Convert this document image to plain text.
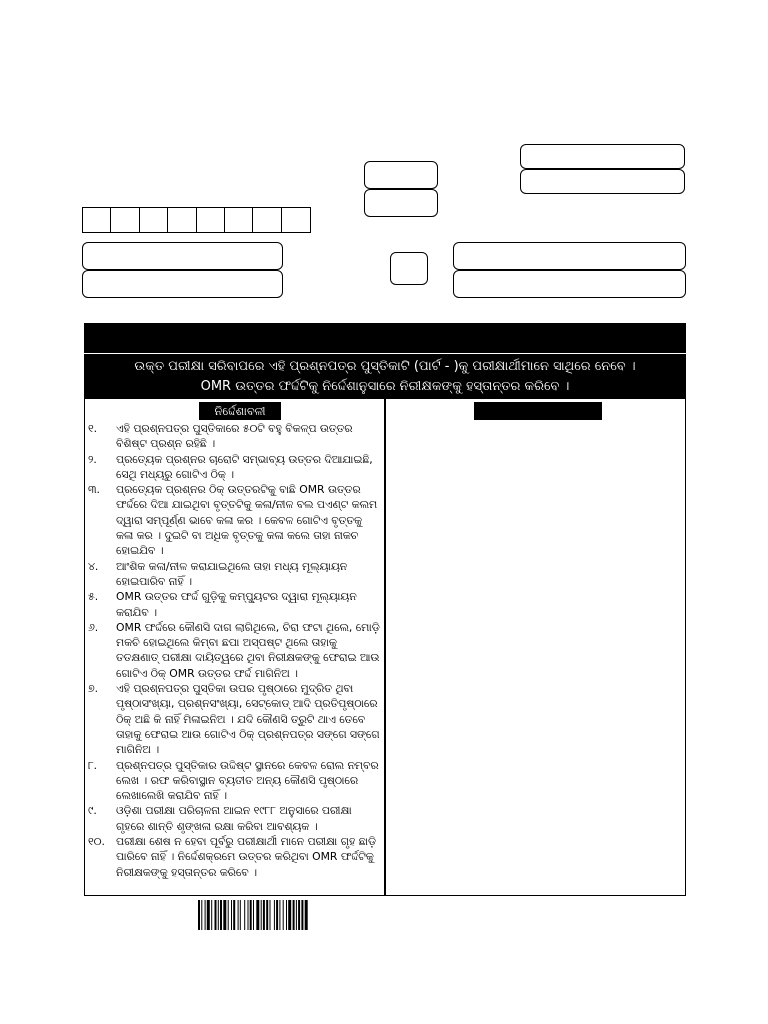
ଉକ୍ତ ପରୀକ୍ଷା ସରିବାପରେ ଏହି ପ୍ରଶ୍ନପତ୍ର ପୁସ୍ତିକାଟି (ପାର୍ଟ - )କୁ ପରୀକ୍ଷାର୍ଥୀମାନେ ସାଥିରେ ନେବେ ।
OMR ଉତ୍ତର ଫର୍ଦ୍ଦଟିକୁ ନିର୍ଦ୍ଦେଶାନୁସାରେ ନିରୀକ୍ଷକଙ୍କୁ ହସ୍ତାନ୍ତର କରିବେ ।
ନିର୍ଦ୍ଦେଶାବଳୀ
୧.	ଏହି ପ୍ରଶ୍ନପତ୍ର ପୁସ୍ତିକାରେ ୫୦ଟି ବହୁ ବିକଳ୍ପ ଉତ୍ତର ବିଶିଷ୍ଟ ପ୍ରଶ୍ନ ରହିଛି ।
୨.	ପ୍ରତ୍ୟେକ ପ୍ରଶ୍ନର ଚାରୋଟି ସମ୍ଭାବ୍ୟ ଉତ୍ତର ଦିଆଯାଇଛି, ସେଥି ମଧ୍ୟରୁ ଗୋଟିଏ ଠିକ୍ ।
୩.	ପ୍ରତ୍ୟେକ ପ୍ରଶ୍ନର ଠିକ୍ ଉତ୍ତରଟିକୁ ବାଛି OMR ଉତ୍ତର ଫର୍ଦ୍ଦରେ ଦିଆ ଯାଇଥିବା ବୃତ୍ତଟିକୁ କଳା/ନୀଳ ବଲ ପଏଣ୍ଟ କଲମ ଦ୍ୱାରା ସମ୍ପୂର୍ଣ୍ଣ ଭାବେ କଳା କର । କେବଳ ଗୋଟିଏ ବୃତ୍ତକୁ କଳା କର । ଦୁଇଟି ବା ଅଧିକ ବୃତ୍ତକୁ କଳା କଲେ ତାହା ନାକଚ ହୋଇଯିବ ।
୪.	ଆଂଶିକ କଳା/ନୀଳ କରାଯାଇଥିଲେ ତାହା ମଧ୍ୟ ମୂଲ୍ୟାୟନ ହୋଇପାରିବ ନାହିଁ ।
୫.	OMR ଉତ୍ତର ଫର୍ଦ୍ଦ ଗୁଡ଼ିକୁ କମ୍ପ୍ୟୁଟର ଦ୍ୱାରା ମୂଲ୍ୟାୟନ କରାଯିବ ।
୬.	OMR ଫର୍ଦ୍ଦରେ କୌଣସି ଦାଗ ଲାଗିଥିଲେ, ଚିରା ଫଟା ଥିଲେ, ମୋଡ଼ି ମକଚି ହୋଇଥିଲେ କିମ୍ବା ଛପା ଅସ୍ପଷ୍ଟ ଥିଲେ ତାହାକୁ ତତକ୍ଷଣାତ୍ ପରୀକ୍ଷା ଦାୟିତ୍ୱରେ ଥିବା ନିରୀକ୍ଷକଙ୍କୁ ଫେରାଇ ଆଉ ଗୋଟିଏ ଠିକ୍ OMR ଉତ୍ତର ଫର୍ଦ୍ଦ ମାଗିନିଅ ।
୭.	ଏହି ପ୍ରଶ୍ନପତ୍ର ପୁସ୍ତିକା ଉପର ପୃଷ୍ଠାରେ ମୁଦ୍ରିତ ଥିବା ପୃଷ୍ଠାସଂଖ୍ୟା, ପ୍ରଶ୍ନସଂଖ୍ୟା, ସେଟ୍‌କୋଡ୍ ଆଦି ପ୍ରତିପୃଷ୍ଠାରେ ଠିକ୍ ଅଛି କି ନାହିଁ ମିଳାଇନିଅ । ଯଦି କୌଣସି ତ୍ରୁଟି ଥାଏ ତେବେ ତାହାକୁ ଫେରାଇ ଆଉ ଗୋଟିଏ ଠିକ୍ ପ୍ରଶ୍ନପତ୍ର ସଙ୍ଗେ ସଙ୍ଗେ ମାଗିନିଅ ।
୮.	ପ୍ରଶ୍ନପତ୍ର ପୁସ୍ତିକାର ଉଦ୍ଦିଷ୍ଟ ସ୍ଥାନରେ କେବଳ ରୋଲ ନମ୍ବର ଲେଖ । ରଫ କରିବାସ୍ଥାନ ବ୍ୟତୀତ ଅନ୍ୟ କୌଣସି ପୃଷ୍ଠାରେ ଲେଖାଲେଖି କରାଯିବ ନାହିଁ ।
୯.	ଓଡ଼ିଶା ପରୀକ୍ଷା ପରିଚାଳନା ଆଇନ ୧୯୮୮ ଅନୁସାରେ ପରୀକ୍ଷା ଗୃହରେ ଶାନ୍ତି ଶୃଙ୍ଖଳା ରକ୍ଷା କରିବା ଆବଶ୍ୟକ ।
୧୦.	ପରୀକ୍ଷା ଶେଷ ନ ହେବା ପୂର୍ବରୁ ପରୀକ୍ଷାର୍ଥୀ ମାନେ ପରୀକ୍ଷା ଗୃହ ଛାଡ଼ି ପାରିବେ ନାହିଁ । ନିର୍ଦ୍ଦେଶକ୍ରମେ ଉତ୍ତର କରିଥିବା OMR ଫର୍ଦ୍ଦଟିକୁ ନିରୀକ୍ଷକଙ୍କୁ ହସ୍ତାନ୍ତର କରିବେ ।
